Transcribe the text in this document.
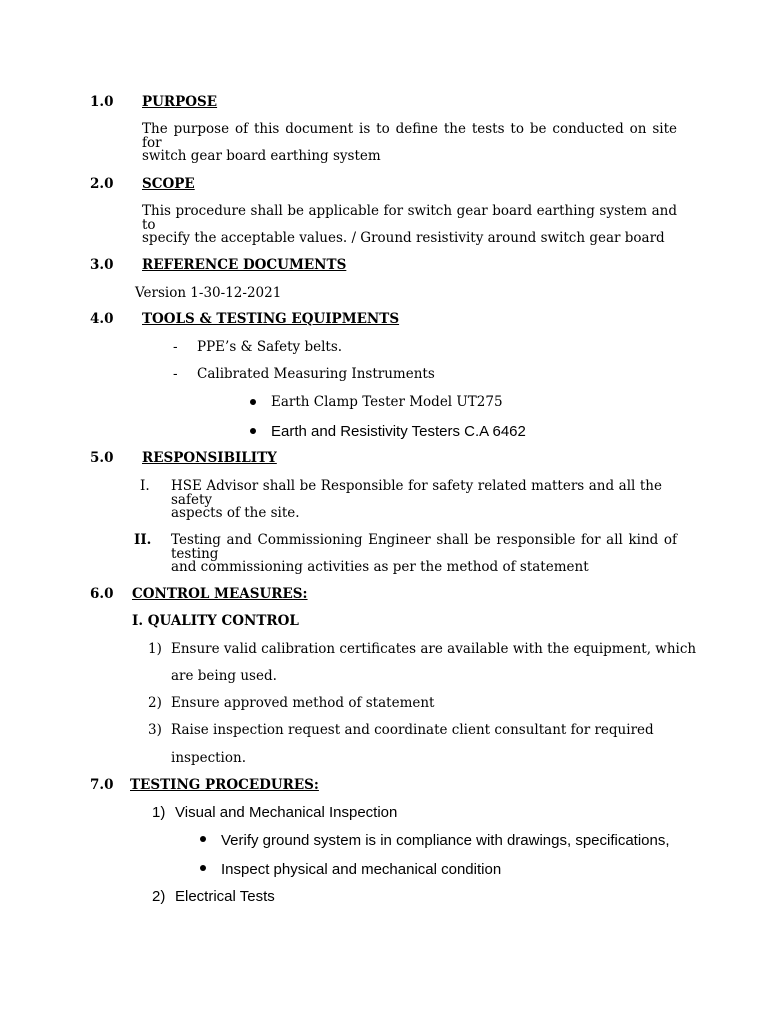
1.0 PURPOSE
The purpose of this document is to define the tests to be conducted on site for
switch gear board earthing system
2.0 SCOPE
This procedure shall be applicable for switch gear board earthing system and to
specify the acceptable values. / Ground resistivity around switch gear board
3.0 REFERENCE DOCUMENTS
Version 1-30-12-2021
4.0 TOOLS & TESTING EQUIPMENTS
- PPE’s & Safety belts.
- Calibrated Measuring Instruments
Earth Clamp Tester Model UT275
Earth and Resistivity Testers C.A 6462
5.0 RESPONSIBILITY
I. HSE Advisor shall be Responsible for safety related matters and all the safety
aspects of the site.
II. Testing and Commissioning Engineer shall be responsible for all kind of testing
and commissioning activities as per the method of statement
6.0 CONTROL MEASURES:
I. QUALITY CONTROL
1) Ensure valid calibration certificates are available with the equipment, which
are being used.
2) Ensure approved method of statement
3) Raise inspection request and coordinate client consultant for required
inspection.
7.0 TESTING PROCEDURES:
1) Visual and Mechanical Inspection
Verify ground system is in compliance with drawings, specifications,
Inspect physical and mechanical condition
2) Electrical Tests
